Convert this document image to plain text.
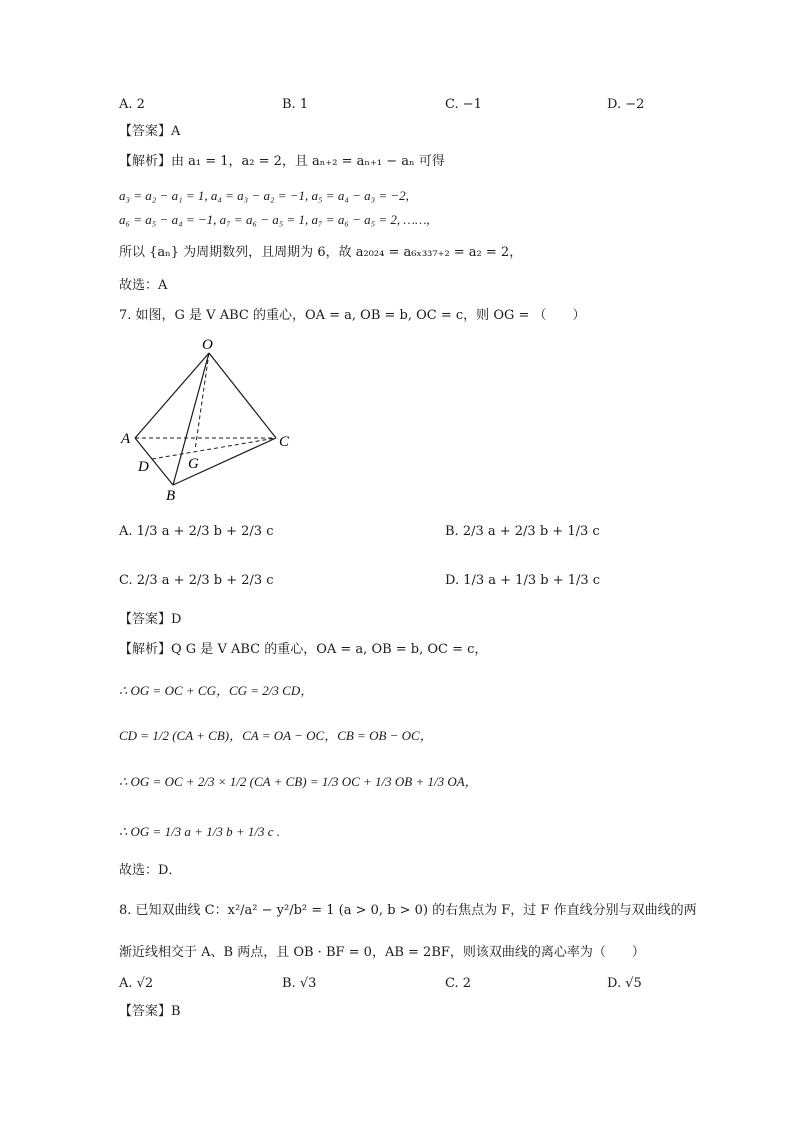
A. 2	B. 1	C. −1	D. −2
【答案】A
【解析】由 a₁ = 1，a₂ = 2，且 aₙ₊₂ = aₙ₊₁ − aₙ 可得
a₃ = a₂ − a₁ = 1, a₄ = a₃ − a₂ = −1, a₅ = a₄ − a₃ = −2,
a₆ = a₅ − a₄ = −1, a₇ = a₆ − a₅ = 1, a₇ = a₆ − a₅ = 2, ……,
所以 {aₙ} 为周期数列，且周期为 6，故 a₂₀₂₄ = a₆ₓ₃₃₇₊₂ = a₂ = 2，
故选：A
7. 如图，G 是 V ABC 的重心，OA = a, OB = b, OC = c，则 OG = （　　）
O
A	C
D	G
B
A. 1/3 a + 2/3 b + 2/3 c	B. 2/3 a + 2/3 b + 1/3 c
C. 2/3 a + 2/3 b + 2/3 c	D. 1/3 a + 1/3 b + 1/3 c
【答案】D
【解析】Q G 是 V ABC 的重心，OA = a, OB = b, OC = c，
∴ OG = OC + CG，CG = 2/3 CD，
CD = 1/2 (CA + CB)，CA = OA − OC，CB = OB − OC，
∴ OG = OC + 2/3 × 1/2 (CA + CB) = 1/3 OC + 1/3 OB + 1/3 OA，
∴ OG = 1/3 a + 1/3 b + 1/3 c .
故选：D．
8. 已知双曲线 C：x²/a² − y²/b² = 1 (a > 0, b > 0) 的右焦点为 F，过 F 作直线分别与双曲线的两
渐近线相交于 A、B 两点，且 OB · BF = 0，AB = 2BF，则该双曲线的离心率为（　　）
A. √2	B. √3	C. 2	D. √5
【答案】B
